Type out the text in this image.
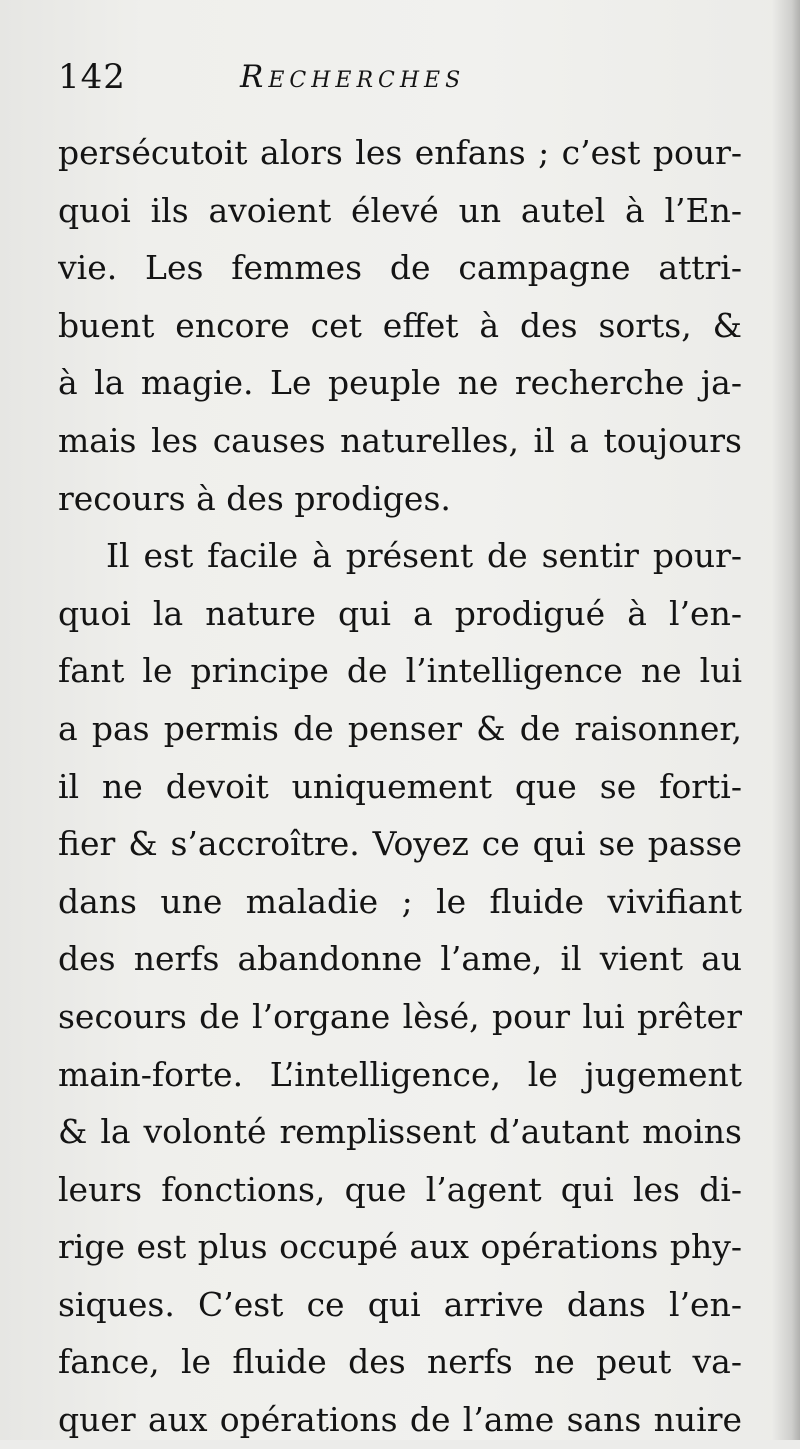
142	Recherches
persécutoit alors les enfans ; c’est pour-
quoi ils avoient élevé un autel à l’En-
vie. Les femmes de campagne attri-
buent encore cet effet à des sorts, &
à la magie. Le peuple ne recherche ja-
mais les causes naturelles, il a toujours
recours à des prodiges.
Il est facile à présent de sentir pour-
quoi la nature qui a prodigué à l’en-
fant le principe de l’intelligence ne lui
a pas permis de penser & de raisonner,
il ne devoit uniquement que se forti-
fier & s’accroître. Voyez ce qui se passe
dans une maladie ; le fluide vivifiant
des nerfs abandonne l’ame, il vient au
secours de l’organe lèsé, pour lui prêter
main-forte. L’intelligence, le jugement
& la volonté remplissent d’autant moins
leurs fonctions, que l’agent qui les di-
rige est plus occupé aux opérations phy-
siques. C’est ce qui arrive dans l’en-
fance, le fluide des nerfs ne peut va-
quer aux opérations de l’ame sans nuire
